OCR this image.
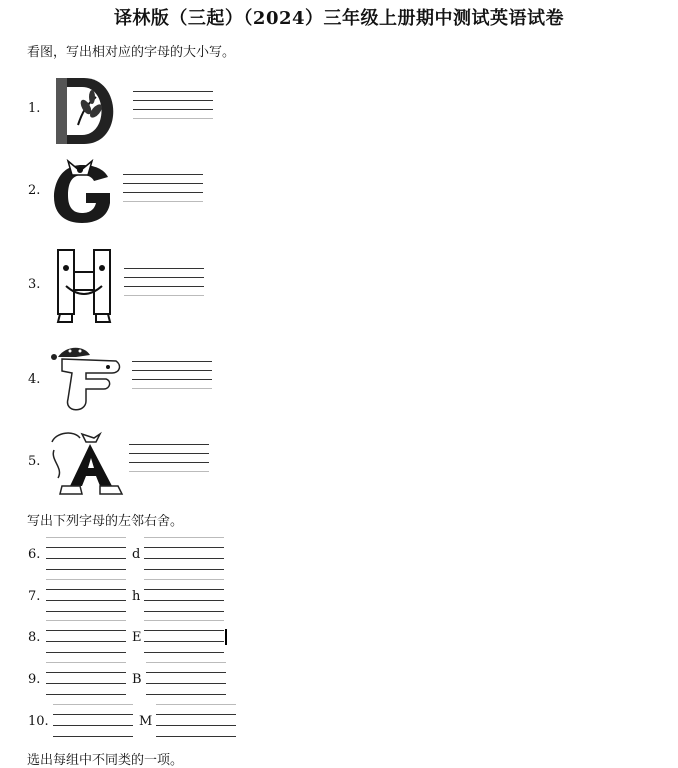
译林版（三起）（2024）三年级上册期中测试英语试卷
看图，写出相对应的字母的大小写。
1.
2.
3.
4.
5.
写出下列字母的左邻右舍。
6.	d
7.	h
8.	E
9.	B
10.	M
选出每组中不同类的一项。
